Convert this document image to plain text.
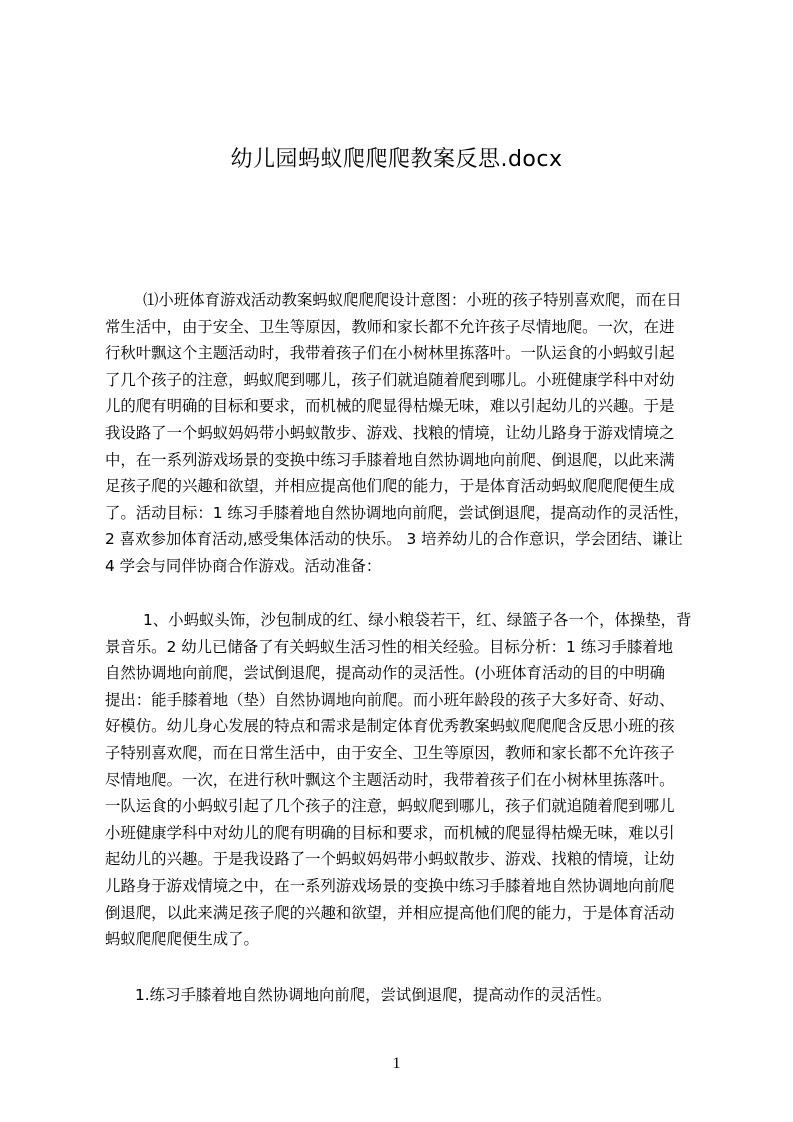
幼儿园蚂蚁爬爬爬教案反思.docx
⑴小班体育游戏活动教案蚂蚁爬爬爬设计意图：小班的孩子特别喜欢爬，而在日
常生活中，由于安全、卫生等原因，教师和家长都不允许孩子尽情地爬。一次，在进
行秋叶飘这个主题活动时，我带着孩子们在小树林里拣落叶。一队运食的小蚂蚁引起
了几个孩子的注意，蚂蚁爬到哪儿，孩子们就追随着爬到哪儿。小班健康学科中对幼
儿的爬有明确的目标和要求，而机械的爬显得枯燥无味，难以引起幼儿的兴趣。于是
我设路了一个蚂蚁妈妈带小蚂蚁散步、游戏、找粮的情境，让幼儿路身于游戏情境之
中，在一系列游戏场景的变换中练习手膝着地自然协调地向前爬、倒退爬，以此来满
足孩子爬的兴趣和欲望，并相应提高他们爬的能力，于是体育活动蚂蚁爬爬爬便生成
了。活动目标：1 练习手膝着地自然协调地向前爬，尝试倒退爬，提高动作的灵活性，
2 喜欢参加体育活动,感受集体活动的快乐。 3 培养幼儿的合作意识，学会团结、谦让
4 学会与同伴协商合作游戏。活动准备：
1、小蚂蚁头饰，沙包制成的红、绿小粮袋若干，红、绿篮子各一个，体操垫，背
景音乐。2 幼儿已储备了有关蚂蚁生活习性的相关经验。目标分析：1 练习手膝着地
自然协调地向前爬，尝试倒退爬，提高动作的灵活性。(小班体育活动的目的中明确
提出：能手膝着地（垫）自然协调地向前爬。而小班年龄段的孩子大多好奇、好动、
好模仿。幼儿身心发展的特点和需求是制定体育优秀教案蚂蚁爬爬爬含反思小班的孩
子特别喜欢爬，而在日常生活中，由于安全、卫生等原因，教师和家长都不允许孩子
尽情地爬。一次，在进行秋叶飘这个主题活动时，我带着孩子们在小树林里拣落叶。
一队运食的小蚂蚁引起了几个孩子的注意，蚂蚁爬到哪儿，孩子们就追随着爬到哪儿
小班健康学科中对幼儿的爬有明确的目标和要求，而机械的爬显得枯燥无味，难以引
起幼儿的兴趣。于是我设路了一个蚂蚁妈妈带小蚂蚁散步、游戏、找粮的情境，让幼
儿路身于游戏情境之中，在一系列游戏场景的变换中练习手膝着地自然协调地向前爬
倒退爬，以此来满足孩子爬的兴趣和欲望，并相应提高他们爬的能力，于是体育活动
蚂蚁爬爬爬便生成了。
1.练习手膝着地自然协调地向前爬，尝试倒退爬，提高动作的灵活性。
1
